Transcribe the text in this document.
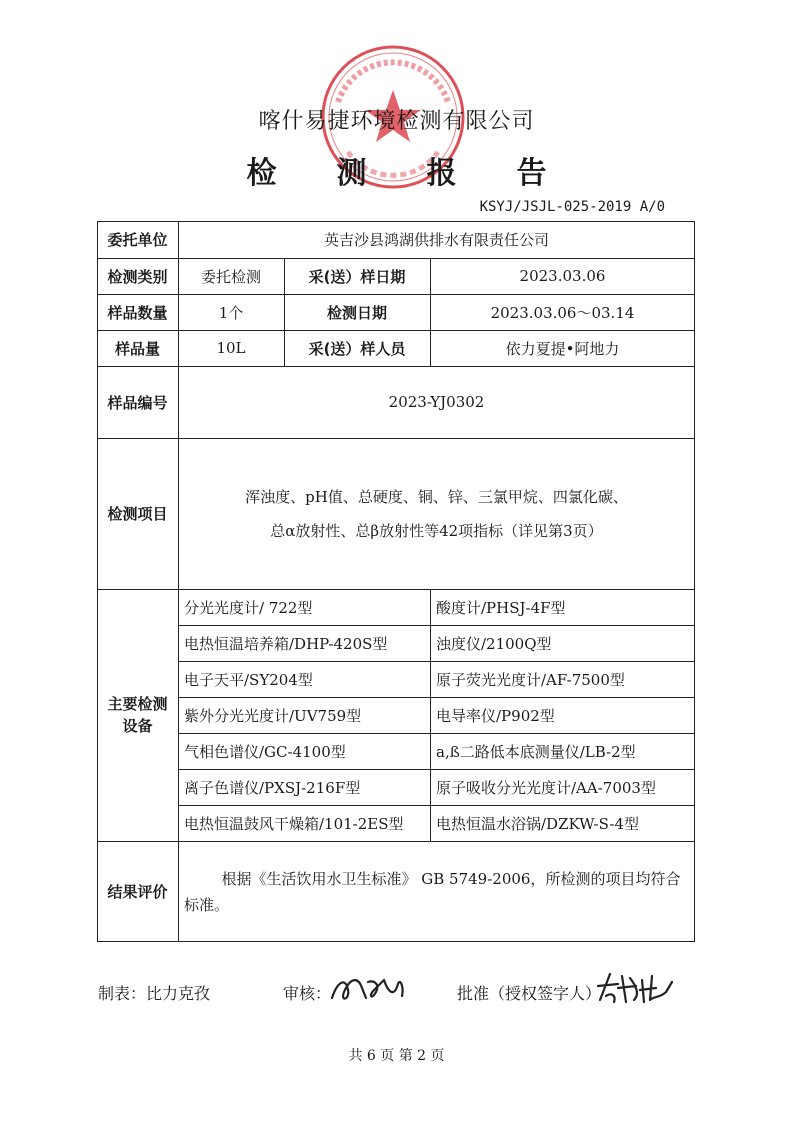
喀什易捷环境检测有限公司
检 测 报 告
KSYJ/JSJL-025-2019 A/0
委托单位	英吉沙县鸿湖供排水有限责任公司
检测类别	委托检测	采(送）样日期	2023.03.06
样品数量	1个	检测日期	2023.03.06～03.14
样品量	10L	采(送）样人员	依力夏提•阿地力
样品编号	2023-YJ0302
检测项目
浑浊度、pH值、总硬度、铜、锌、三氯甲烷、四氯化碳、
总α放射性、总β放射性等42项指标（详见第3页）
主要检测
设备
分光光度计/ 722型	酸度计/PHSJ-4F型
电热恒温培养箱/DHP-420S型	浊度仪/2100Q型
电子天平/SY204型	原子荧光光度计/AF-7500型
紫外分光光度计/UV759型	电导率仪/P902型
气相色谱仪/GC-4100型	a,ß二路低本底测量仪/LB-2型
离子色谱仪/PXSJ-216F型	原子吸收分光光度计/AA-7003型
电热恒温鼓风干燥箱/101-2ES型	电热恒温水浴锅/DZKW-S-4型
结果评价
根据《生活饮用水卫生标准》 GB 5749-2006，所检测的项目均符合标准。
制表：比力克孜	审核：	批准（授权签字人）
共 6 页 第 2 页
